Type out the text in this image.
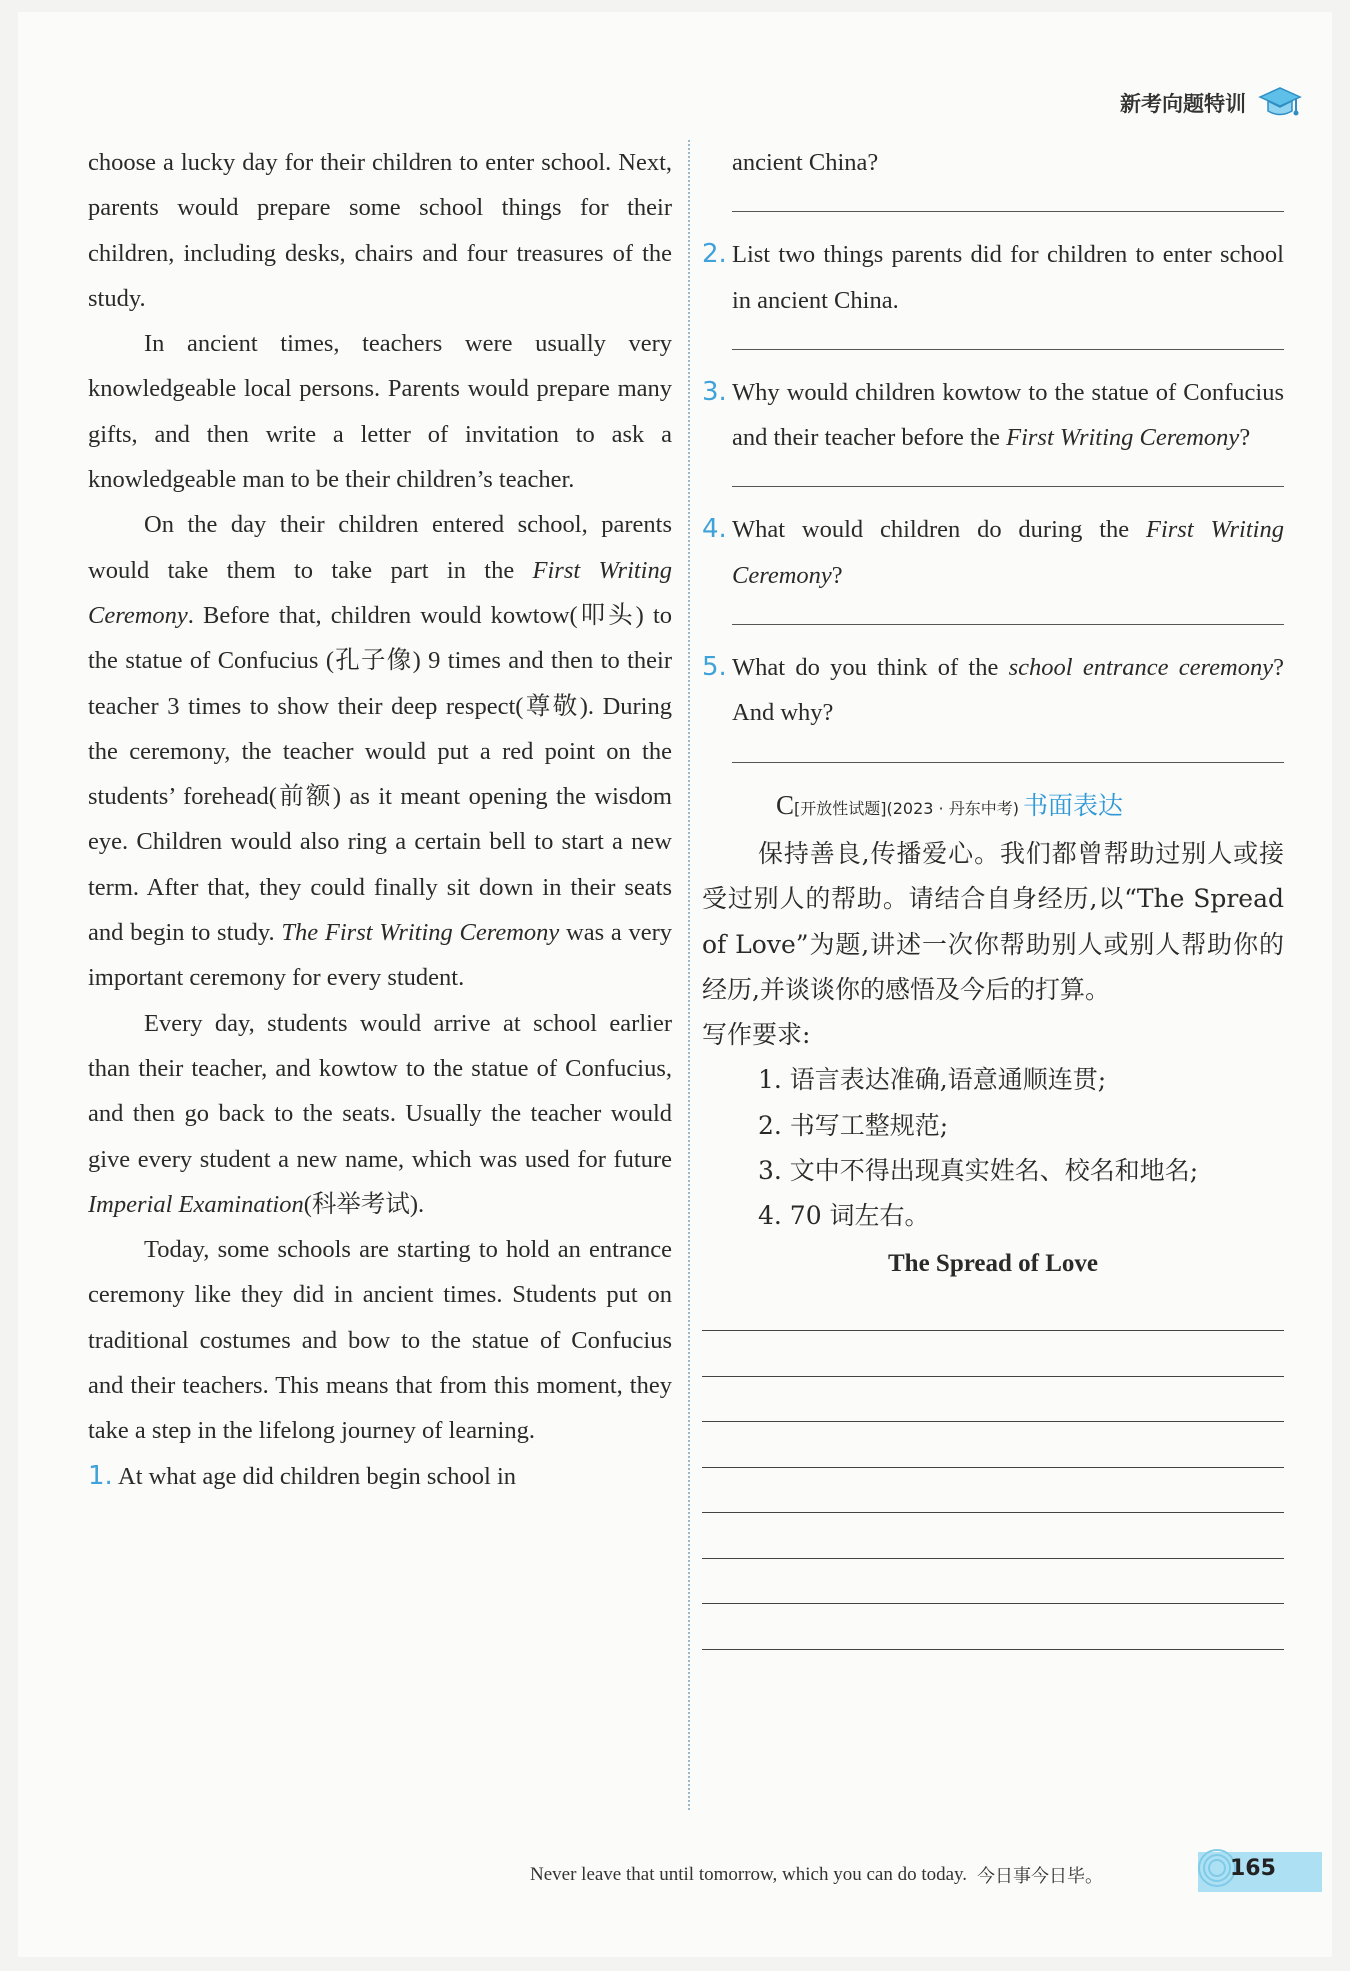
新考向题特训

choose a lucky day for their children to enter school. Next, parents would prepare some school things for their children, including desks, chairs and four treasures of the study.

In ancient times, teachers were usually very knowledgeable local persons. Parents would prepare many gifts, and then write a letter of invitation to ask a knowledgeable man to be their children’s teacher.

On the day their children entered school, parents would take them to take part in the First Writing Ceremony. Before that, children would kowtow(叩头) to the statue of Confucius (孔子像) 9 times and then to their teacher 3 times to show their deep respect(尊敬). During the ceremony, the teacher would put a red point on the students’ forehead(前额) as it meant opening the wisdom eye. Children would also ring a certain bell to start a new term. After that, they could finally sit down in their seats and begin to study. The First Writing Ceremony was a very important ceremony for every student.

Every day, students would arrive at school earlier than their teacher, and kowtow to the statue of Confucius, and then go back to the seats. Usually the teacher would give every student a new name, which was used for future Imperial Examination(科举考试).

Today, some schools are starting to hold an entrance ceremony like they did in ancient times. Students put on traditional costumes and bow to the statue of Confucius and their teachers. This means that from this moment, they take a step in the lifelong journey of learning.

1. At what age did children begin school in
ancient China?
2. List two things parents did for children to enter school in ancient China.
3. Why would children kowtow to the statue of Confucius and their teacher before the First Writing Ceremony?
4. What would children do during the First Writing Ceremony?
5. What do you think of the school entrance ceremony? And why?
C [开放性试题](2023 · 丹东中考) 书面表达

保持善良,传播爱心。我们都曾帮助过别人或接受过别人的帮助。请结合自身经历,以“The Spread of Love”为题,讲述一次你帮助别人或别人帮助你的经历,并谈谈你的感悟及今后的打算。

写作要求:

1. 语言表达准确,语意通顺连贯;

2. 书写工整规范;

3. 文中不得出现真实姓名、校名和地名;

4. 70 词左右。

The Spread of Love
Never leave that until tomorrow, which you can do today. 今日事今日毕。	165
